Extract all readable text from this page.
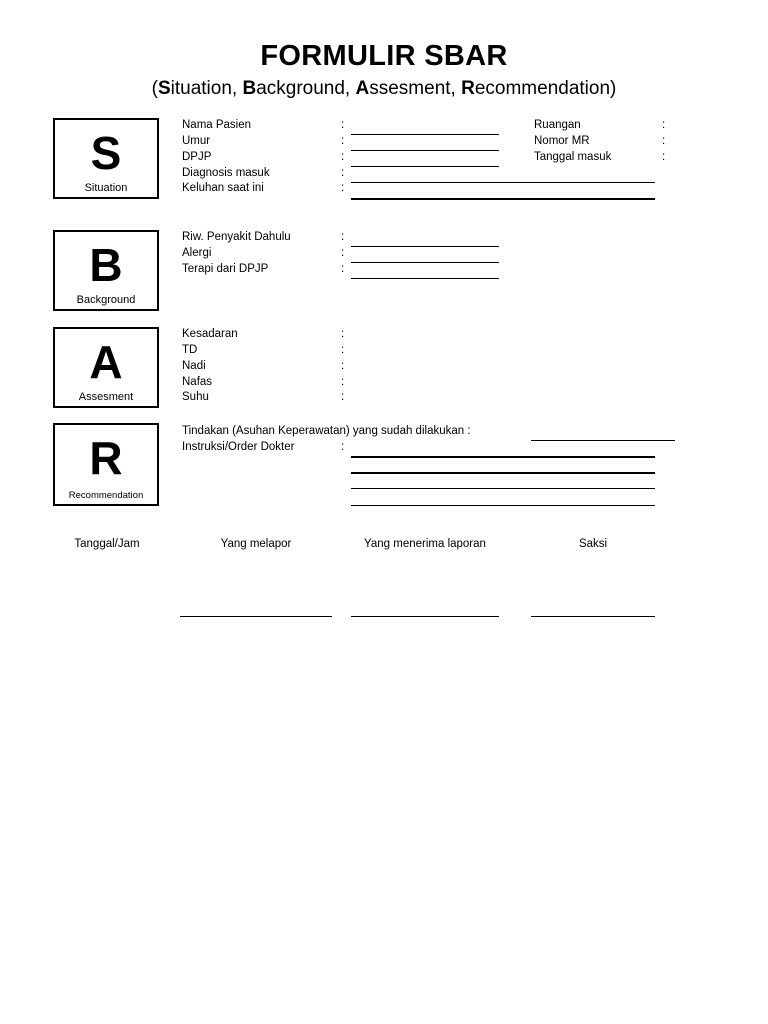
FORMULIR SBAR
(Situation, Background, Assesment, Recommendation)
S
Situation
Nama Pasien	:
Umur	:
DPJP	:
Diagnosis masuk	:
Keluhan saat ini	:
Ruangan	:
Nomor MR	:
Tanggal masuk	:
B
Background
Riw. Penyakit Dahulu	:
Alergi	:
Terapi dari DPJP	:
A
Assesment
Kesadaran	:
TD	:
Nadi	:
Nafas	:
Suhu	:
R
Recommendation
Tindakan (Asuhan Keperawatan) yang sudah dilakukan :
Instruksi/Order Dokter	:
Tanggal/Jam	Yang melapor	Yang menerima laporan	Saksi
